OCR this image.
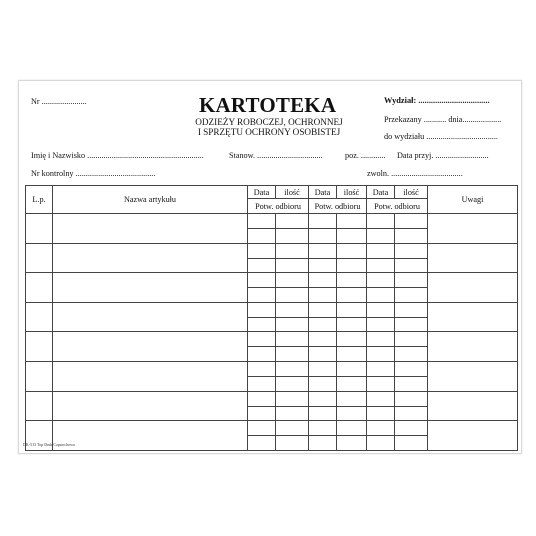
Nr ......................	KARTOTEKA
ODZIEŻY ROBOCZEJ, OCHRONNEJ
I SPRZĘTU OCHRONY OSOBISTEJ
Wydział: ..................................
Przekazany ........... dnia...................
do wydziału ...................................
Imię i Nazwisko .........................................................	Stanow. ................................	poz. ............ Data przyj. ..........................
Nr kontrolny .......................................	zwoln. ...................................
L.p.	Nazwa artykułu	Data	ilość	Data	ilość	Data	ilość	Uwagi
		Potw. odbioru		Potw. odbioru		Potw. odbioru		

DK-513 Top Druk Częstochowa
